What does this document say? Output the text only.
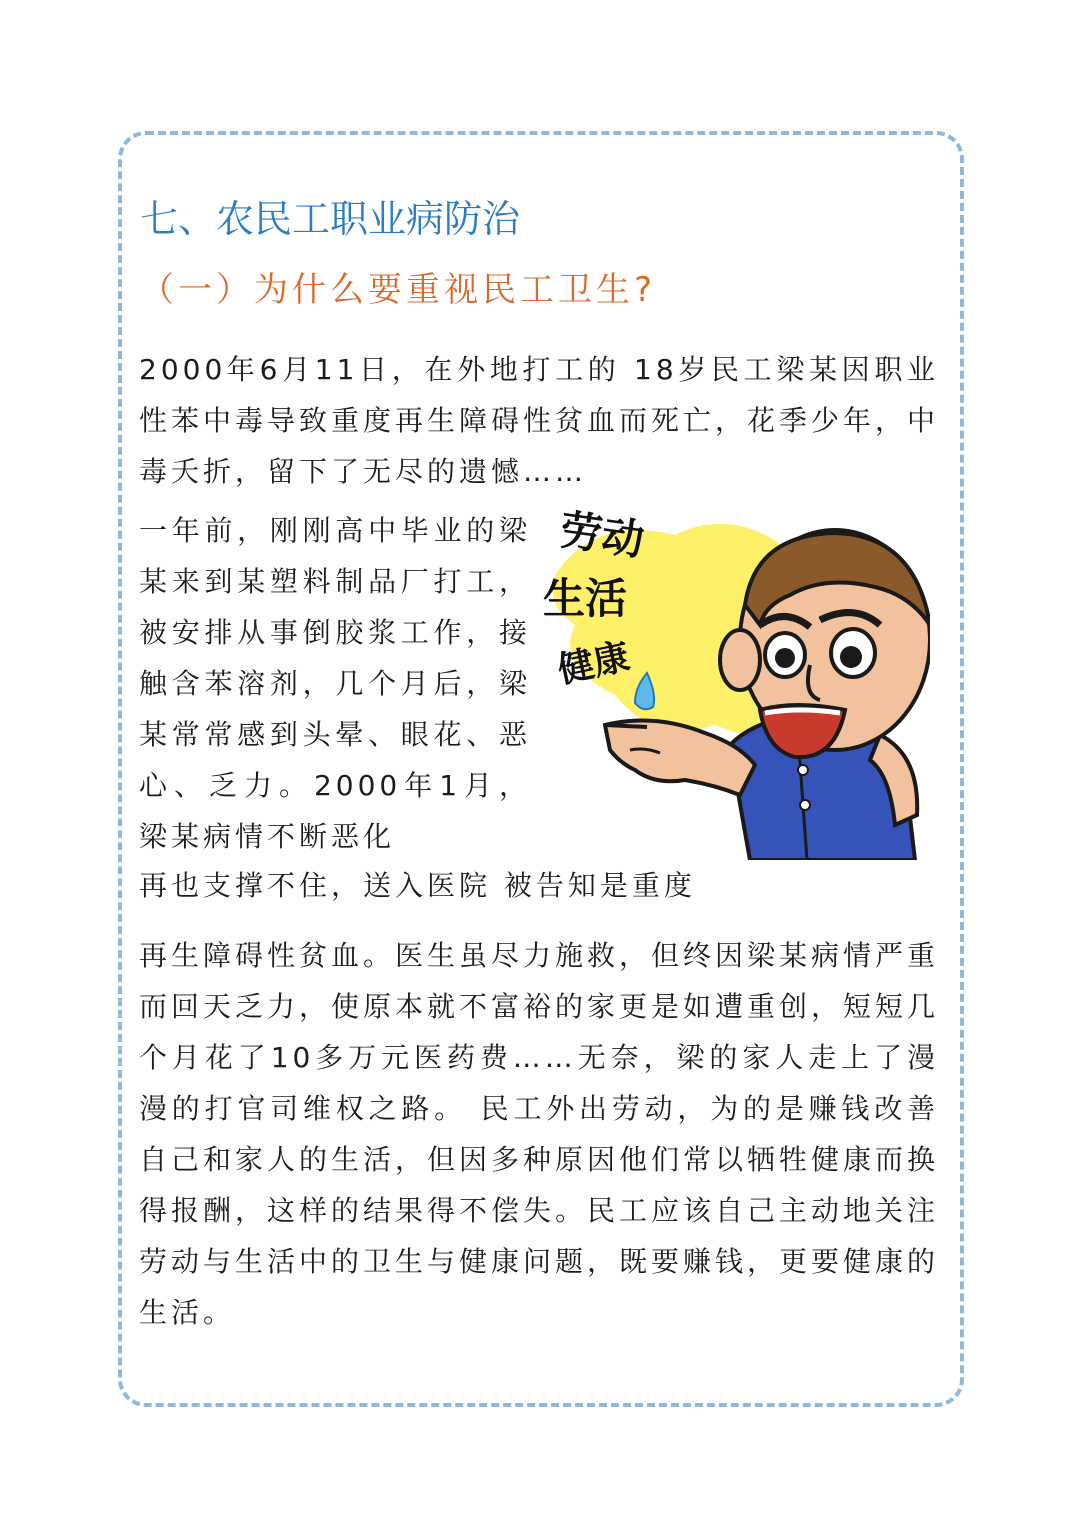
七、农民工职业病防治
（一）为什么要重视民工卫生?
2000年6月11日，在外地打工的 18岁民工梁某因职业性苯中毒导致重度再生障碍性贫血而死亡，花季少年，中毒夭折，留下了无尽的遗憾……
一年前，刚刚高中毕业的梁某来到某塑料制品厂打工，被安排从事倒胶浆工作，接触含苯溶剂，几个月后，梁某常常感到头晕、眼花、恶心、乏力。2000年1月，梁某病情不断恶化
再也支撑不住，送入医院 被告知是重度
再生障碍性贫血。医生虽尽力施救，但终因梁某病情严重而回天乏力，使原本就不富裕的家更是如遭重创，短短几个月花了10多万元医药费……无奈，梁的家人走上了漫漫的打官司维权之路。 民工外出劳动，为的是赚钱改善自己和家人的生活，但因多种原因他们常以牺牲健康而换得报酬，这样的结果得不偿失。民工应该自己主动地关注劳动与生活中的卫生与健康问题，既要赚钱，更要健康的生活。
劳动
生活
健康
